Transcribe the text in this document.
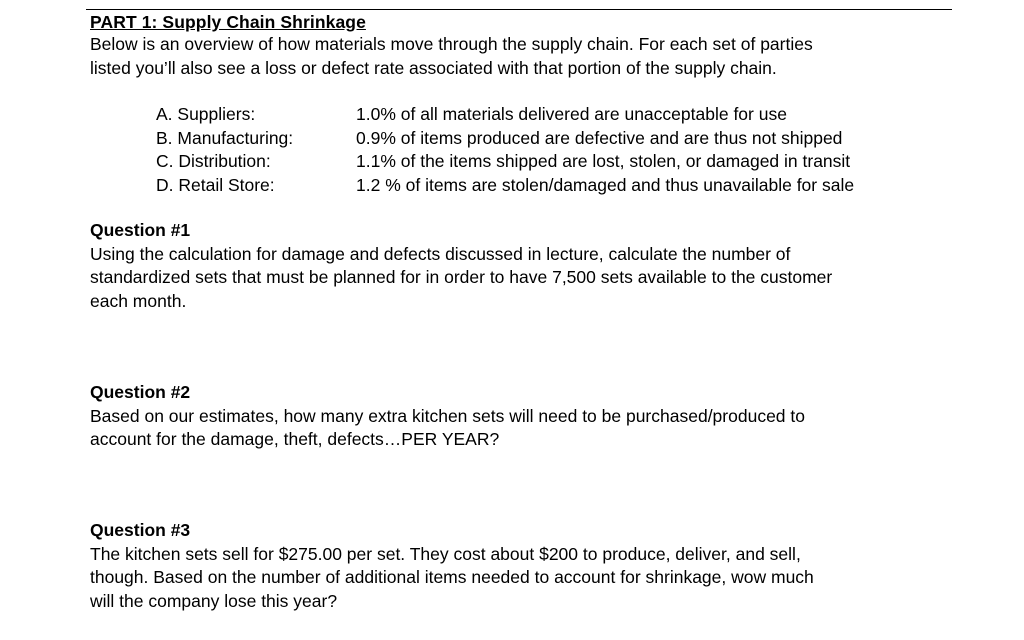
PART 1: Supply Chain Shrinkage
Below is an overview of how materials move through the supply chain. For each set of parties
listed you’ll also see a loss or defect rate associated with that portion of the supply chain.
A. Suppliers:	1.0% of all materials delivered are unacceptable for use
B. Manufacturing:	0.9% of items produced are defective and are thus not shipped
C. Distribution:	1.1% of the items shipped are lost, stolen, or damaged in transit
D. Retail Store:	1.2 % of items are stolen/damaged and thus unavailable for sale
Question #1
Using the calculation for damage and defects discussed in lecture, calculate the number of
standardized sets that must be planned for in order to have 7,500 sets available to the customer
each month.
Question #2
Based on our estimates, how many extra kitchen sets will need to be purchased/produced to
account for the damage, theft, defects…PER YEAR?
Question #3
The kitchen sets sell for $275.00 per set. They cost about $200 to produce, deliver, and sell,
though. Based on the number of additional items needed to account for shrinkage, wow much
will the company lose this year?
